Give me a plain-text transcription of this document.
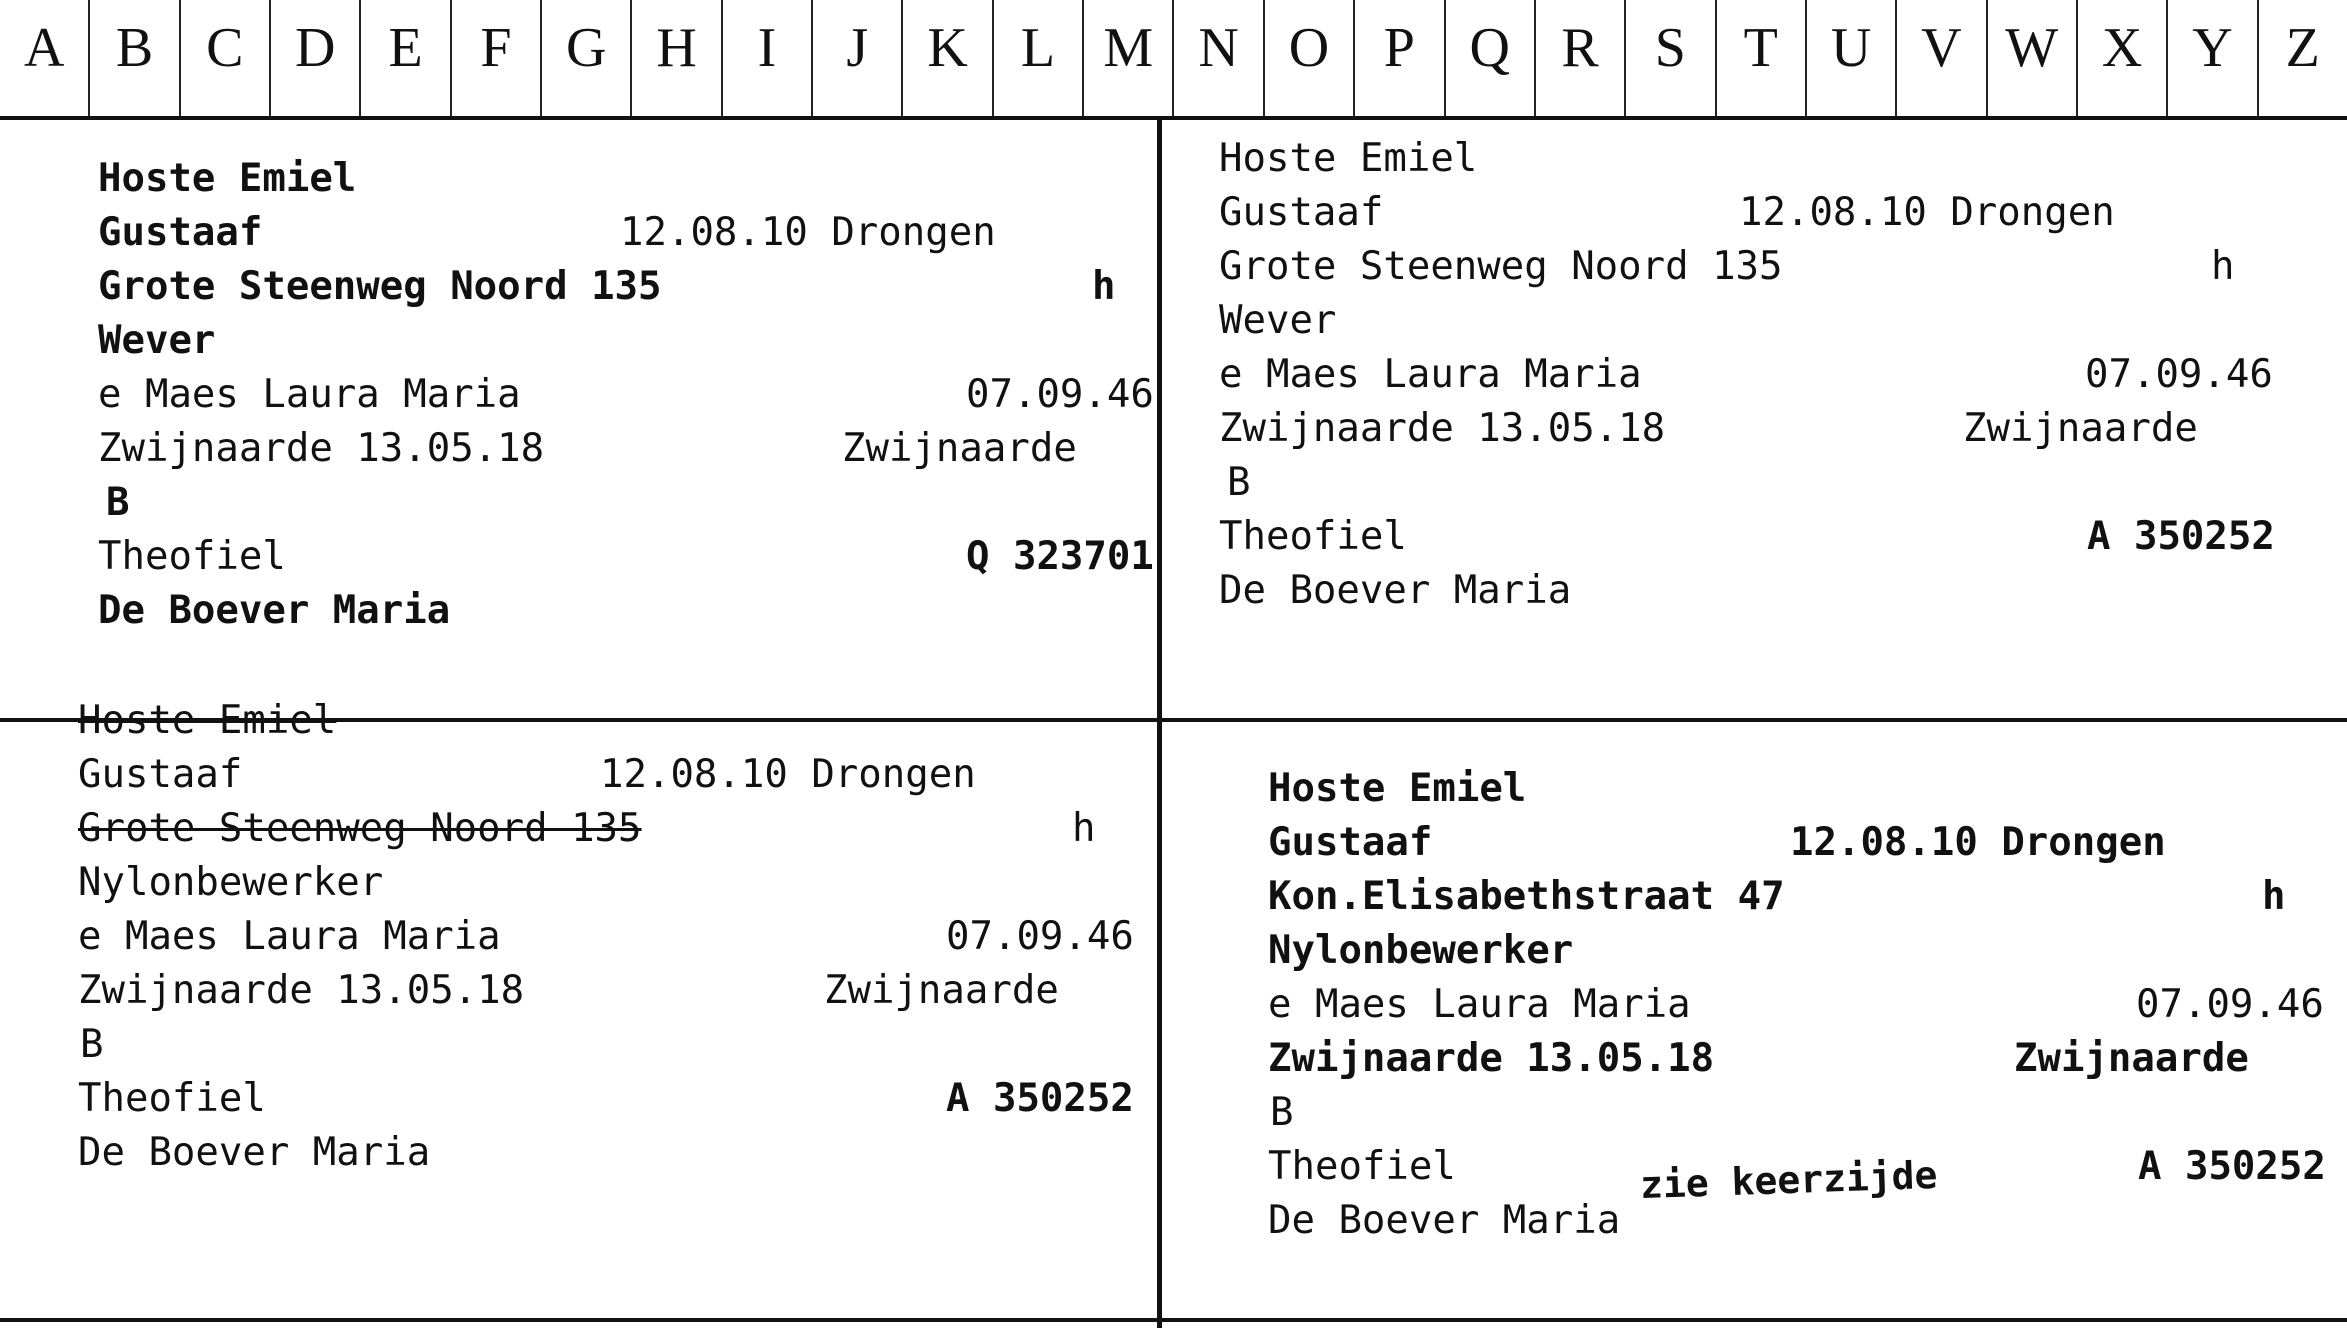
A B C D E	F G H	I	J	K L M N O P Q R	S	T U V W X Y Z
Hoste Emiel
Gustaaf	12.08.10 Drongen
Grote Steenweg Noord 135	h
Wever
e Maes Laura Maria	07.09.46
Zwijnaarde 13.05.18	Zwijnaarde
B
Theofiel	Q 323701
De Boever Maria
Hoste Emiel
Gustaaf	12.08.10 Drongen
Grote Steenweg Noord 135	h
Wever
e Maes Laura Maria	07.09.46
Zwijnaarde 13.05.18	Zwijnaarde
B
Theofiel	A 350252
De Boever Maria
Hoste Emiel
Gustaaf	12.08.10 Drongen
Grote Steenweg Noord 135	h
Nylonbewerker
e Maes Laura Maria	07.09.46
Zwijnaarde 13.05.18	Zwijnaarde
B
Theofiel	A 350252
De Boever Maria
Hoste Emiel
Gustaaf	12.08.10 Drongen
Kon.Elisabethstraat 47	h
Nylonbewerker
e Maes Laura Maria	07.09.46
Zwijnaarde 13.05.18	Zwijnaarde
B
Theofiel	A 350252
De Boever Maria
zie keerzijde
